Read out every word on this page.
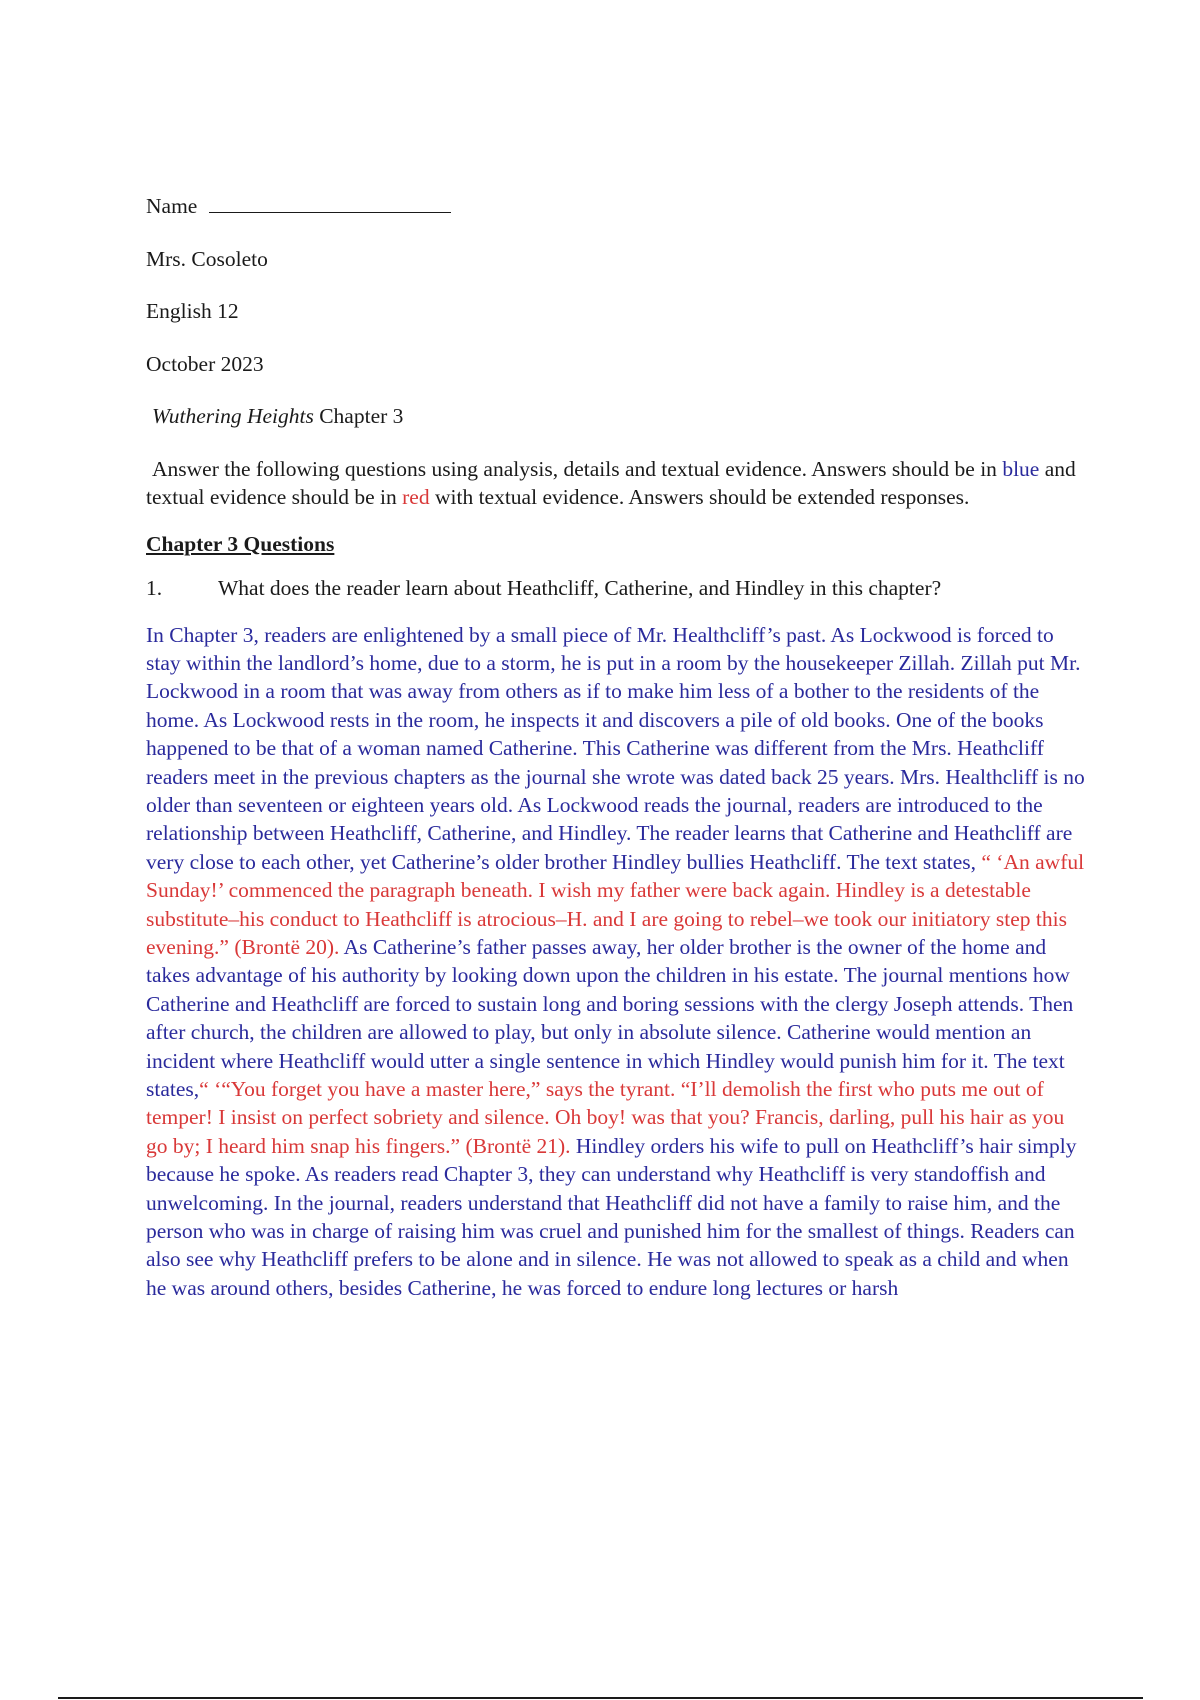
Name
Mrs. Cosoleto
English 12
October 2023
Wuthering Heights Chapter 3

Answer the following questions using analysis, details and textual evidence. Answers should be in blue and textual evidence should be in red with textual evidence. Answers should be extended responses.

Chapter 3 Questions
1.	What does the reader learn about Heathcliff, Catherine, and Hindley in this chapter?

In Chapter 3, readers are enlightened by a small piece of Mr. Healthcliff’s past. As Lockwood is forced to stay within the landlord’s home, due to a storm, he is put in a room by the housekeeper Zillah. Zillah put Mr. Lockwood in a room that was away from others as if to make him less of a bother to the residents of the home. As Lockwood rests in the room, he inspects it and discovers a pile of old books. One of the books happened to be that of a woman named Catherine. This Catherine was different from the Mrs. Heathcliff readers meet in the previous chapters as the journal she wrote was dated back 25 years. Mrs. Healthcliff is no older than seventeen or eighteen years old. As Lockwood reads the journal, readers are introduced to the relationship between Heathcliff, Catherine, and Hindley. The reader learns that Catherine and Heathcliff are very close to each other, yet Catherine’s older brother Hindley bullies Heathcliff. The text states, “ ‘An awful Sunday!’ commenced the paragraph beneath. I wish my father were back again. Hindley is a detestable substitute–his conduct to Heathcliff is atrocious–H. and I are going to rebel–we took our initiatory step this evening.” (Brontë 20). As Catherine’s father passes away, her older brother is the owner of the home and takes advantage of his authority by looking down upon the children in his estate. The journal mentions how Catherine and Heathcliff are forced to sustain long and boring sessions with the clergy Joseph attends. Then after church, the children are allowed to play, but only in absolute silence. Catherine would mention an incident where Heathcliff would utter a single sentence in which Hindley would punish him for it. The text states,“ ‘“You forget you have a master here,” says the tyrant. “I’ll demolish the first who puts me out of temper! I insist on perfect sobriety and silence. Oh boy! was that you? Francis, darling, pull his hair as you go by; I heard him snap his fingers.” (Brontë 21). Hindley orders his wife to pull on Heathcliff’s hair simply because he spoke. As readers read Chapter 3, they can understand why Heathcliff is very standoffish and unwelcoming. In the journal, readers understand that Heathcliff did not have a family to raise him, and the person who was in charge of raising him was cruel and punished him for the smallest of things. Readers can also see why Heathcliff prefers to be alone and in silence. He was not allowed to speak as a child and when he was around others, besides Catherine, he was forced to endure long lectures or harsh
